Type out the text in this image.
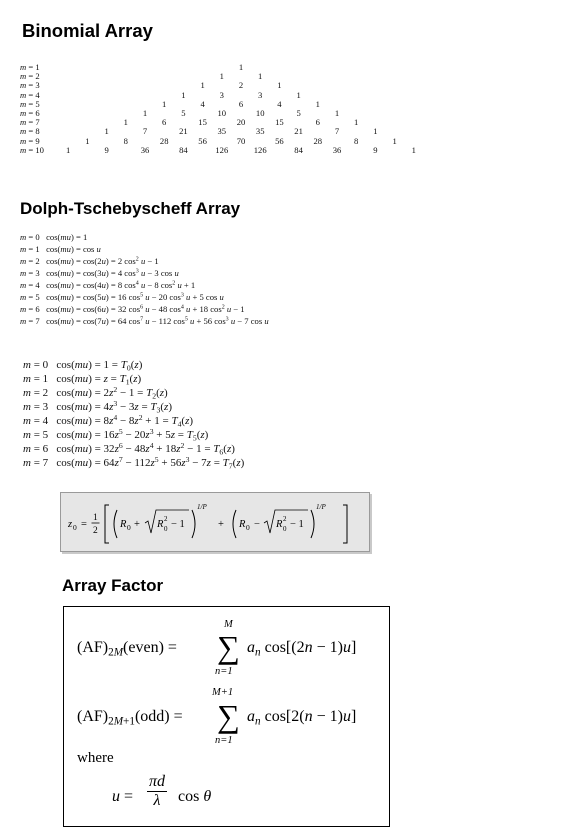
Binomial Array
m = 1	1
m = 2	1	1
m = 3	1	2	1
m = 4	1	3	3	1
m = 5	1	4	6	4	1
m = 6	1	5	10	10	5	1
m = 7	1	6	15	20	15	6	1
m = 8	1	7	21	35	35	21	7	1
m = 9	1	8	28	56	70	56	28	8	1
m = 10	1	9	36	84	126	126	84	36	9	1
Dolph-Tschebyscheff Array
m = 0   cos(mu) = 1
m = 1   cos(mu) = cos u
m = 2   cos(mu) = cos(2u) = 2 $\cos^2 u - 1$
m = 3   cos(mu) = cos(3u) = 4 $\cos^3 u - 3$ cos u
m = 4   cos(mu) = cos(4u) = 8 $\cos^4 u - 8$ $\cos^2 u + 1$
m = 5   cos(mu) = cos(5u) = 16 $\cos^5 u - 20$ $\cos^3 u + 5$ cos u
m = 6   cos(mu) = cos(6u) = 32 $\cos^6 u - 48$ $\cos^4 u + 18$ $\cos^2 u - 1$
m = 7   cos(mu) = cos(7u) = 64 $\cos^7 u - 112$ $\cos^5 u + 56$ $\cos^3 u - 7$ cos u
m = 0   $\cos(mu) = 1 = T_0(z)$
m = 1   $\cos(mu) = z = T_1(z)$
m = 2   $\cos(mu) = 2z^2 - 1 = T_2(z)$
m = 3   $\cos(mu) = 4z^3 - 3z = T_3(z)$
m = 4   $\cos(mu) = 8z^4 - 8z^2 + 1 = T_4(z)$
m = 5   $\cos(mu) = 16z^5 - 20z^3 + 5z = T_5(z)$
m = 6   $\cos(mu) = 32z^6 - 48z^4 + 18z^2 - 1 = T_6(z)$
m = 7   $\cos(mu) = 64z^7 - 112z^5 + 56z^3 - 7z = T_7(z)$
z 0 =
1
2
R 0 + R 2
0 − 1
1/P
+ R 0 − R 2
0 − 1
1/P
Array Factor
$(AF)_{2M}(even)$ =
M
∑
n=1
$a_n$ cos[(2n − 1)u]
$(AF)_{2M+1}(odd)$ =
M+1
∑
n=1
$a_n$ cos[2(n − 1)u]
where
$u = \frac{\pi d}{\lambda}$ cos θ
